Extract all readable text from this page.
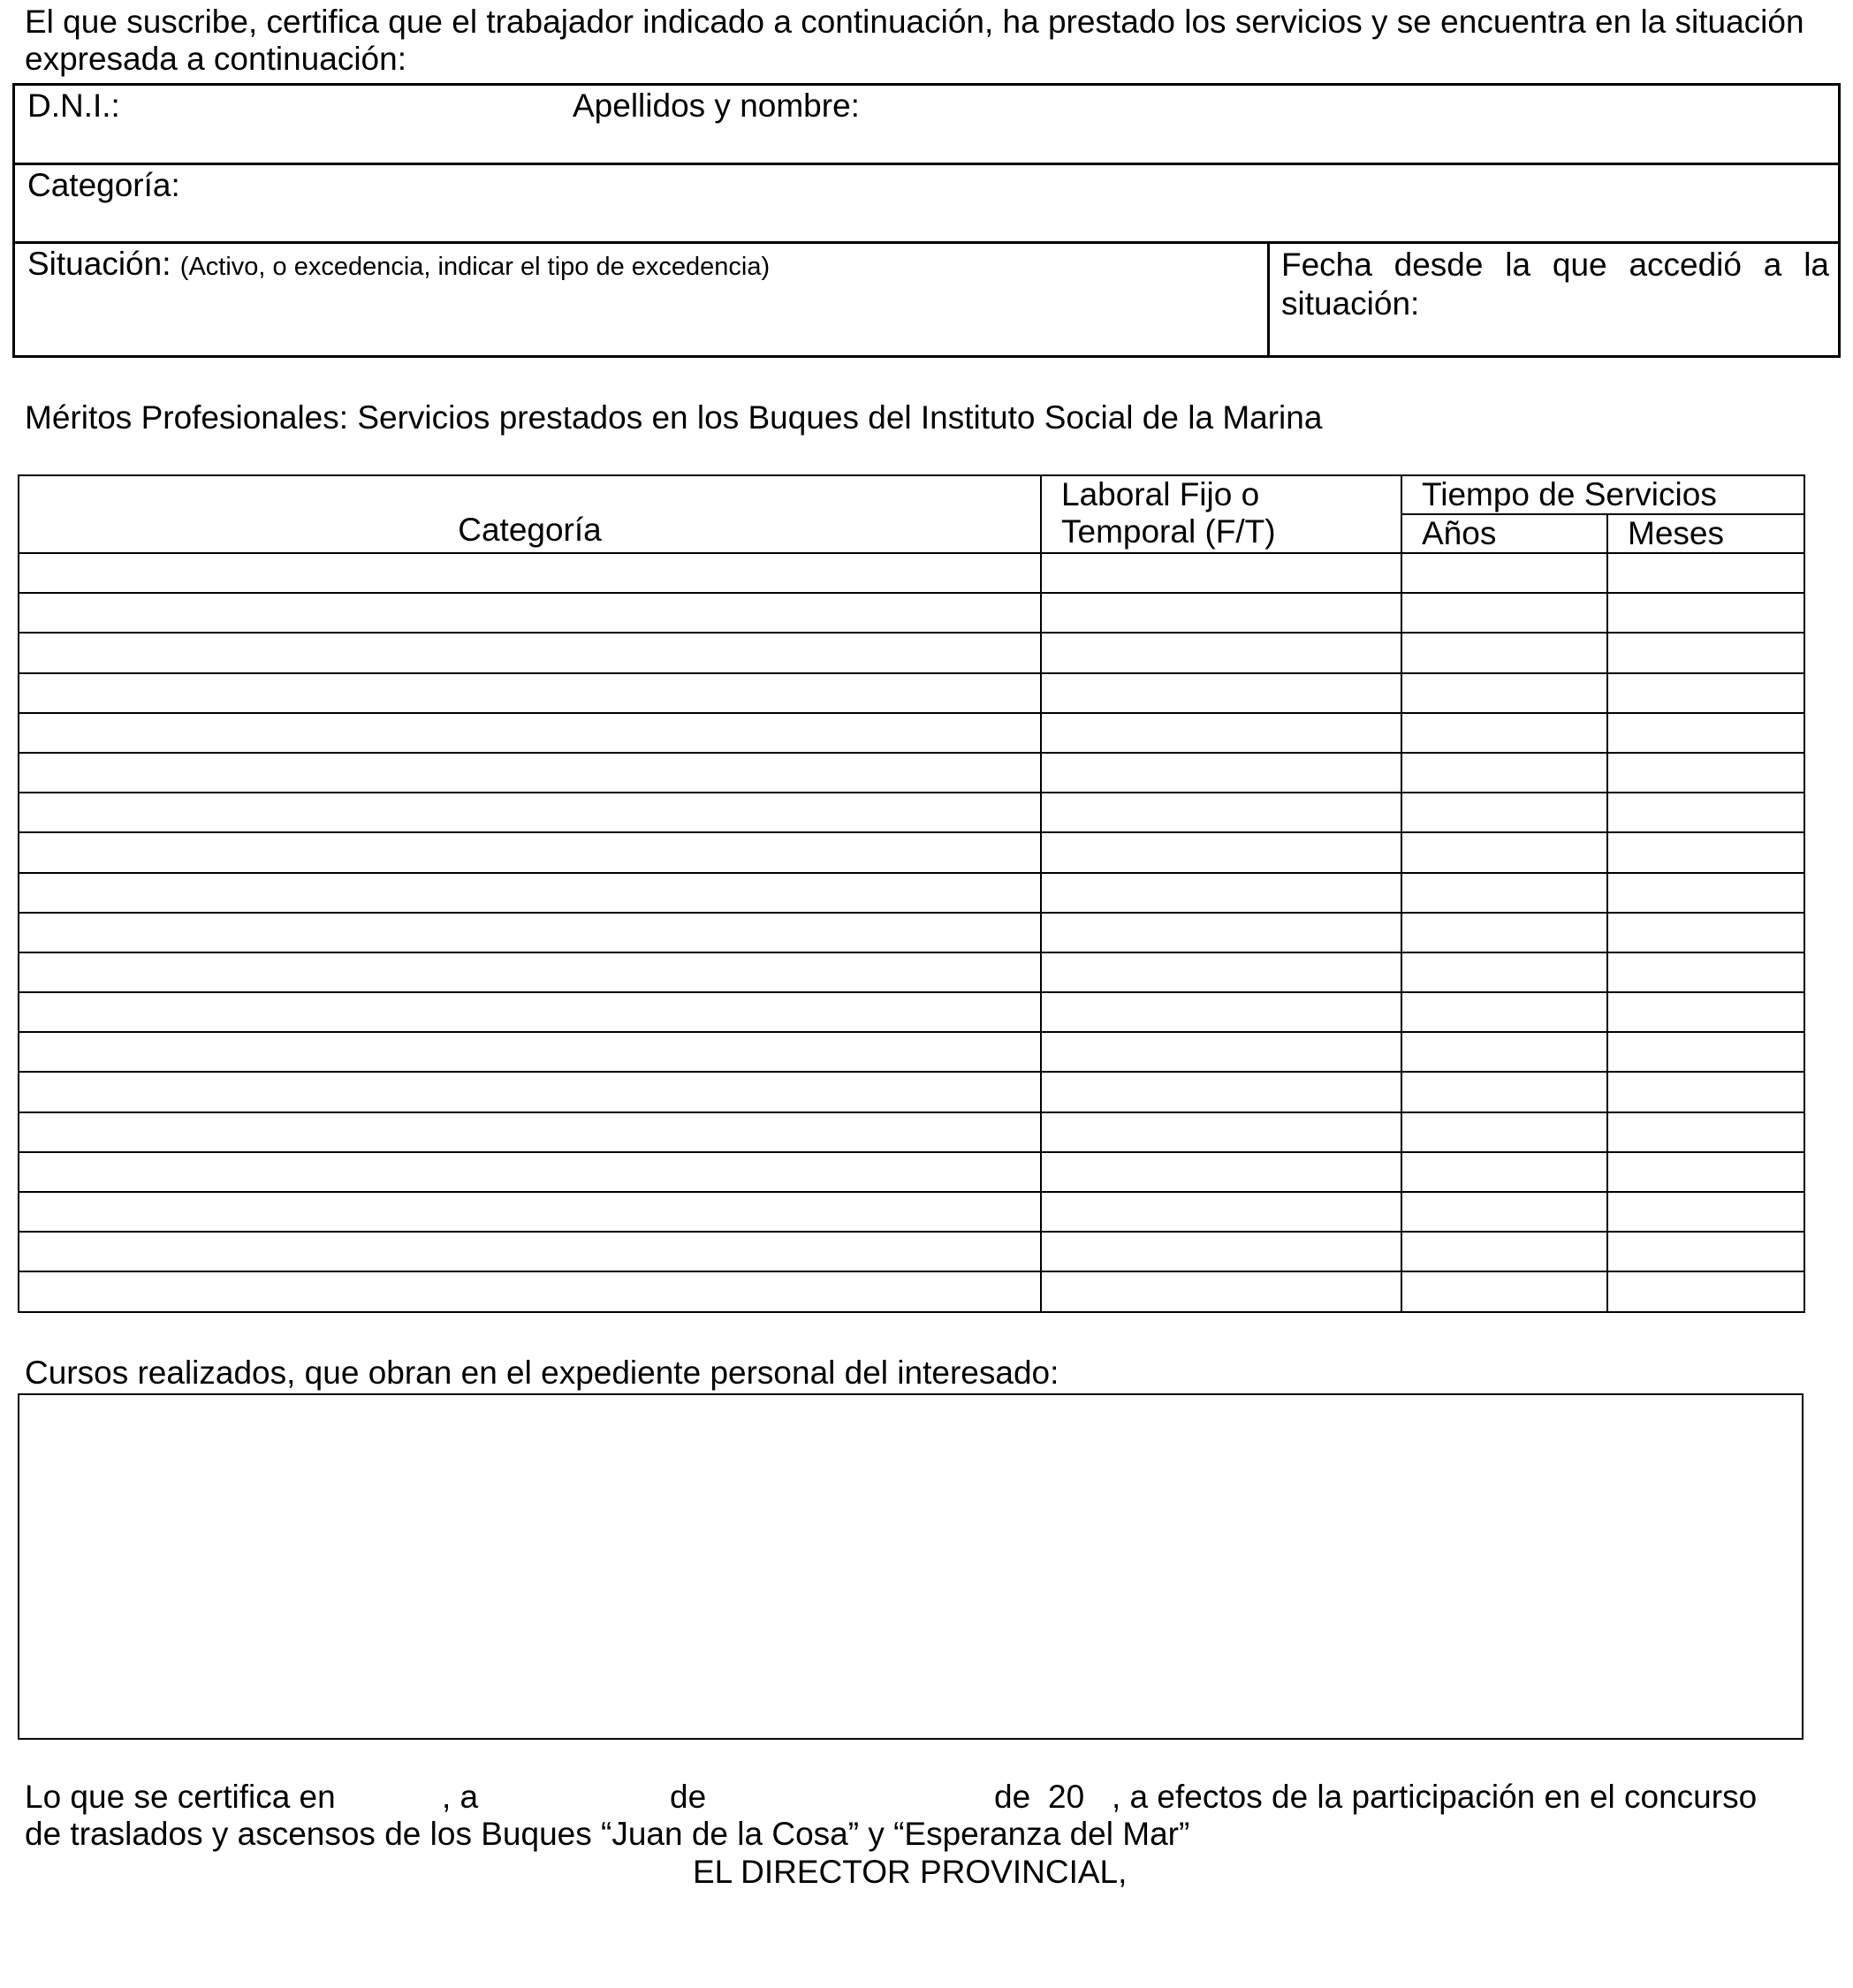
El que suscribe, certifica que el trabajador indicado a continuación, ha prestado los servicios y se encuentra en la situación expresada a continuación:
D.N.I.:	Apellidos y nombre:
Categoría:
Situación: (Activo, o excedencia, indicar el tipo de excedencia)	Fecha desde la que accedió a la situación:
Méritos Profesionales: Servicios prestados en los Buques del Instituto Social de la Marina
Categoría	Laboral Fijo o Temporal (F/T)	Tiempo de Servicios	
		Años	Meses

Cursos realizados, que obran en el expediente personal del interesado:
Lo que se certifica en	, a	de	de 20 , a efectos de la participación en el concurso
de traslados y ascensos de los Buques “Juan de la Cosa” y “Esperanza del Mar”
EL DIRECTOR PROVINCIAL,
